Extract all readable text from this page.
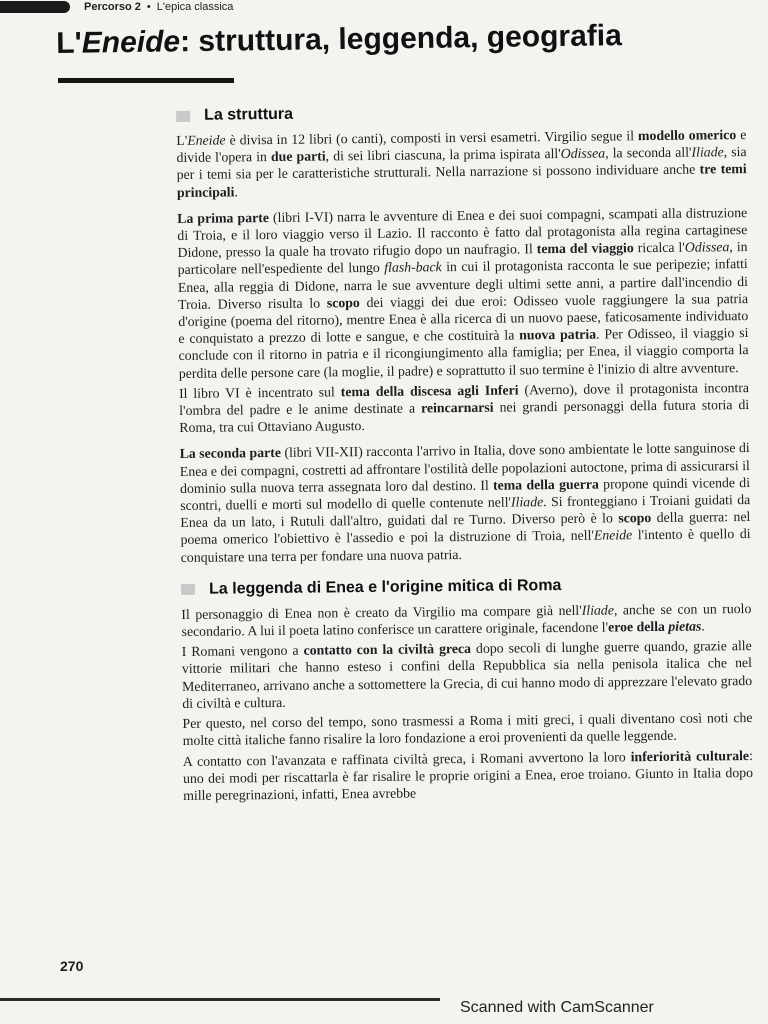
Percorso 2 • L'epica classica
L'Eneide: struttura, leggenda, geografia
La struttura

L'Eneide è divisa in 12 libri (o canti), composti in versi esametri. Virgilio segue il modello omerico e divide l'opera in due parti, di sei libri ciascuna, la prima ispirata all'Odissea, la seconda all'Iliade, sia per i temi sia per le caratteristiche strutturali. Nella narrazione si possono individuare anche tre temi principali.

La prima parte (libri I-VI) narra le avventure di Enea e dei suoi compagni, scampati alla distruzione di Troia, e il loro viaggio verso il Lazio. Il racconto è fatto dal protagonista alla regina cartaginese Didone, presso la quale ha trovato rifugio dopo un naufragio. Il tema del viaggio ricalca l'Odissea, in particolare nell'espediente del lungo flash-back in cui il protagonista racconta le sue peripezie; infatti Enea, alla reggia di Didone, narra le sue avventure degli ultimi sette anni, a partire dall'incendio di Troia. Diverso risulta lo scopo dei viaggi dei due eroi: Odisseo vuole raggiungere la sua patria d'origine (poema del ritorno), mentre Enea è alla ricerca di un nuovo paese, faticosamente individuato e conquistato a prezzo di lotte e sangue, e che costituirà la nuova patria. Per Odisseo, il viaggio si conclude con il ritorno in patria e il ricongiungimento alla famiglia; per Enea, il viaggio comporta la perdita delle persone care (la moglie, il padre) e soprattutto il suo termine è l'inizio di altre avventure.

Il libro VI è incentrato sul tema della discesa agli Inferi (Averno), dove il protagonista incontra l'ombra del padre e le anime destinate a reincarnarsi nei grandi personaggi della futura storia di Roma, tra cui Ottaviano Augusto.

La seconda parte (libri VII-XII) racconta l'arrivo in Italia, dove sono ambientate le lotte sanguinose di Enea e dei compagni, costretti ad affrontare l'ostilità delle popolazioni autoctone, prima di assicurarsi il dominio sulla nuova terra assegnata loro dal destino. Il tema della guerra propone quindi vicende di scontri, duelli e morti sul modello di quelle contenute nell'Iliade. Si fronteggiano i Troiani guidati da Enea da un lato, i Rutuli dall'altro, guidati dal re Turno. Diverso però è lo scopo della guerra: nel poema omerico l'obiettivo è l'assedio e poi la distruzione di Troia, nell'Eneide l'intento è quello di conquistare una terra per fondare una nuova patria.

La leggenda di Enea e l'origine mitica di Roma

Il personaggio di Enea non è creato da Virgilio ma compare già nell'Iliade, anche se con un ruolo secondario. A lui il poeta latino conferisce un carattere originale, facendone l'eroe della pietas.

I Romani vengono a contatto con la civiltà greca dopo secoli di lunghe guerre quando, grazie alle vittorie militari che hanno esteso i confini della Repubblica sia nella penisola italica che nel Mediterraneo, arrivano anche a sottomettere la Grecia, di cui hanno modo di apprezzare l'elevato grado di civiltà e cultura.

Per questo, nel corso del tempo, sono trasmessi a Roma i miti greci, i quali diventano così noti che molte città italiche fanno risalire la loro fondazione a eroi provenienti da quelle leggende.

A contatto con l'avanzata e raffinata civiltà greca, i Romani avvertono la loro inferiorità culturale: uno dei modi per riscattarla è far risalire le proprie origini a Enea, eroe troiano. Giunto in Italia dopo mille peregrinazioni, infatti, Enea avrebbe

270
Scanned with CamScanner
